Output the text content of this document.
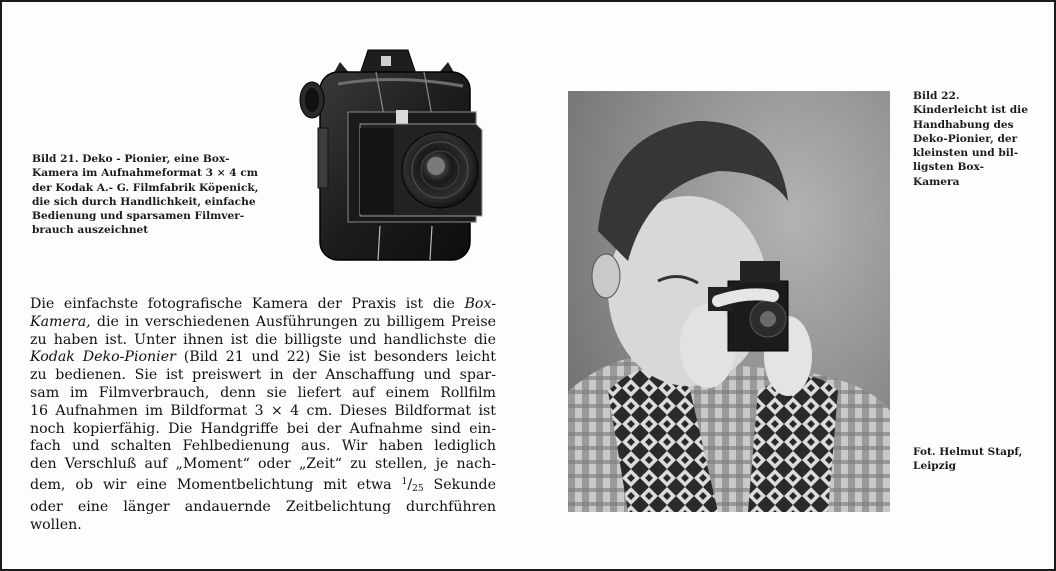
Bild 21. Deko - Pionier, eine Box-
Kamera im Aufnahmeformat 3 × 4 cm
der Kodak A.- G. Filmfabrik Köpenick,
die sich durch Handlichkeit, einfache
Bedienung und sparsamen Filmver-
brauch auszeichnet
Bild 22.
Kinderleicht ist die
Handhabung des
Deko-Pionier, der
kleinsten und bil-
ligsten Box-
Kamera
Fot. Helmut Stapf,
Leipzig
Die einfachste fotografische Kamera der Praxis ist die Box-
Kamera, die in verschiedenen Ausführungen zu billigem Preise
zu haben ist. Unter ihnen ist die billigste und handlichste die
Kodak Deko-Pionier (Bild 21 und 22) Sie ist besonders leicht
zu bedienen. Sie ist preiswert in der Anschaffung und spar-
sam im Filmverbrauch, denn sie liefert auf einem Rollfilm
16 Aufnahmen im Bildformat 3 × 4 cm. Dieses Bildformat ist
noch kopierfähig. Die Handgriffe bei der Aufnahme sind ein-
fach und schalten Fehlbedienung aus. Wir haben lediglich
den Verschluß auf „Moment“ oder „Zeit“ zu stellen, je nach-
dem, ob wir eine Momentbelichtung mit etwa $^1/_{25}$ Sekunde
oder eine länger andauernde Zeitbelichtung durchführen
wollen.
